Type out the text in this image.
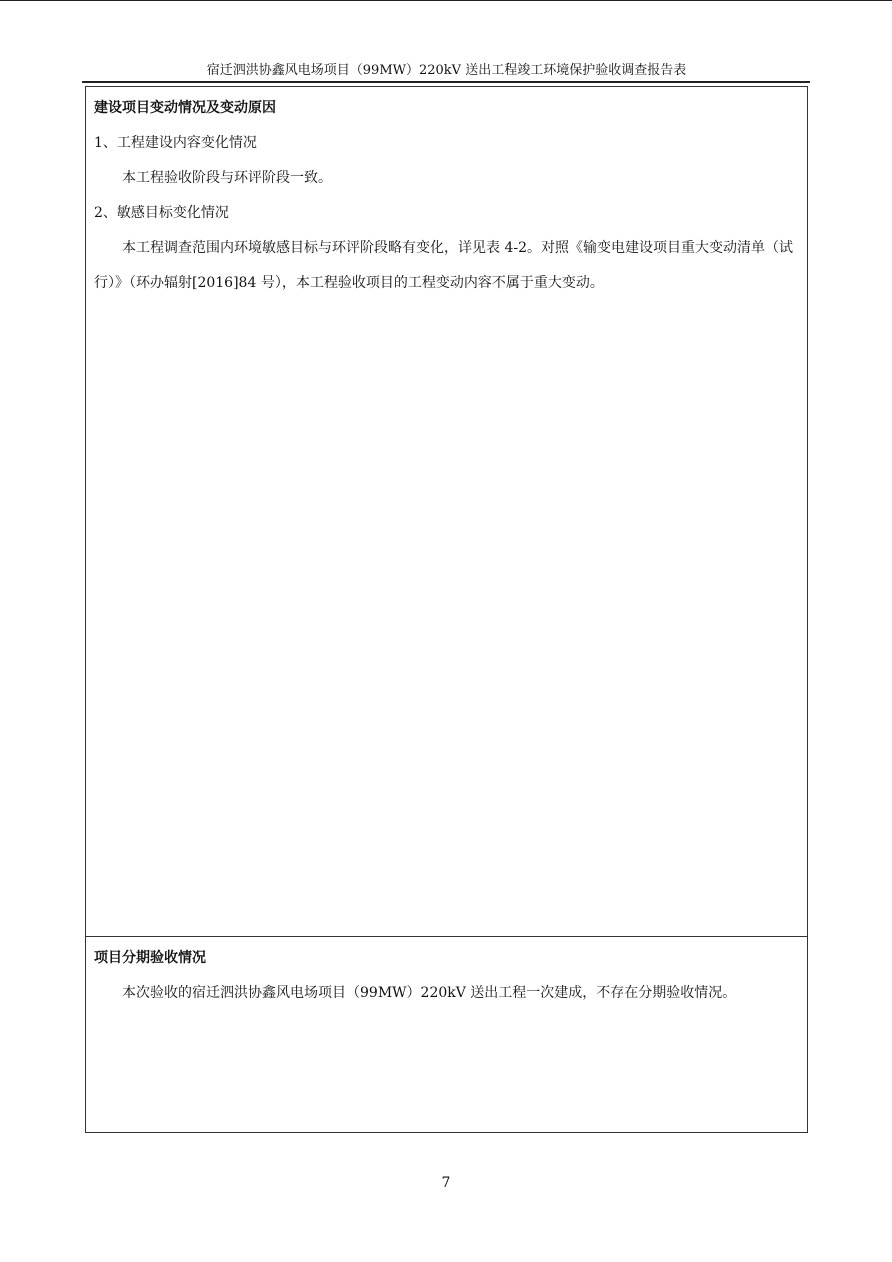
宿迁泗洪协鑫风电场项目（99MW）220kV 送出工程竣工环境保护验收调查报告表
建设项目变动情况及变动原因
1、工程建设内容变化情况
本工程验收阶段与环评阶段一致。
2、敏感目标变化情况
本工程调查范围内环境敏感目标与环评阶段略有变化，详见表 4-2。对照《输变电建设项目重大变动清单（试行）》（环办辐射[2016]84 号），本工程验收项目的工程变动内容不属于重大变动。
项目分期验收情况
本次验收的宿迁泗洪协鑫风电场项目（99MW）220kV 送出工程一次建成，不存在分期验收情况。
7
